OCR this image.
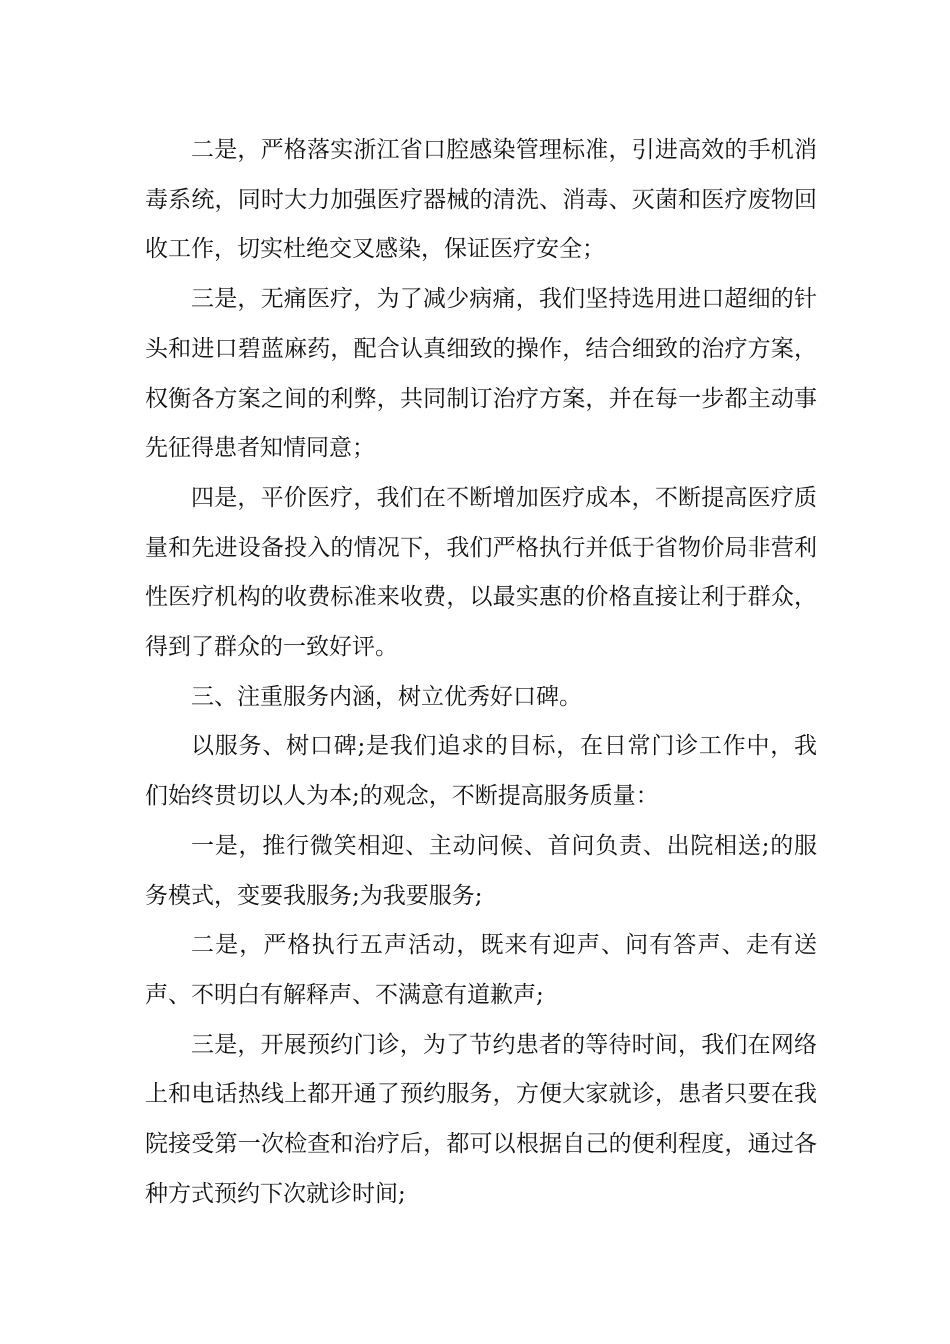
二是，严格落实浙江省口腔感染管理标准，引进高效的手机消毒系统，同时大力加强医疗器械的清洗、消毒、灭菌和医疗废物回收工作，切实杜绝交叉感染，保证医疗安全；

三是，无痛医疗，为了减少病痛，我们坚持选用进口超细的针头和进口碧蓝麻药，配合认真细致的操作，结合细致的治疗方案，权衡各方案之间的利弊，共同制订治疗方案，并在每一步都主动事先征得患者知情同意；

四是，平价医疗，我们在不断增加医疗成本，不断提高医疗质量和先进设备投入的情况下，我们严格执行并低于省物价局非营利性医疗机构的收费标准来收费，以最实惠的价格直接让利于群众，得到了群众的一致好评。

三、注重服务内涵，树立优秀好口碑。

以服务、树口碑;是我们追求的目标，在日常门诊工作中，我们始终贯切以人为本;的观念，不断提高服务质量：

一是，推行微笑相迎、主动问候、首问负责、出院相送;的服务模式，变要我服务;为我要服务;

二是，严格执行五声活动，既来有迎声、问有答声、走有送声、不明白有解释声、不满意有道歉声;

三是，开展预约门诊，为了节约患者的等待时间，我们在网络上和电话热线上都开通了预约服务，方便大家就诊，患者只要在我院接受第一次检查和治疗后，都可以根据自己的便利程度，通过各种方式预约下次就诊时间;
